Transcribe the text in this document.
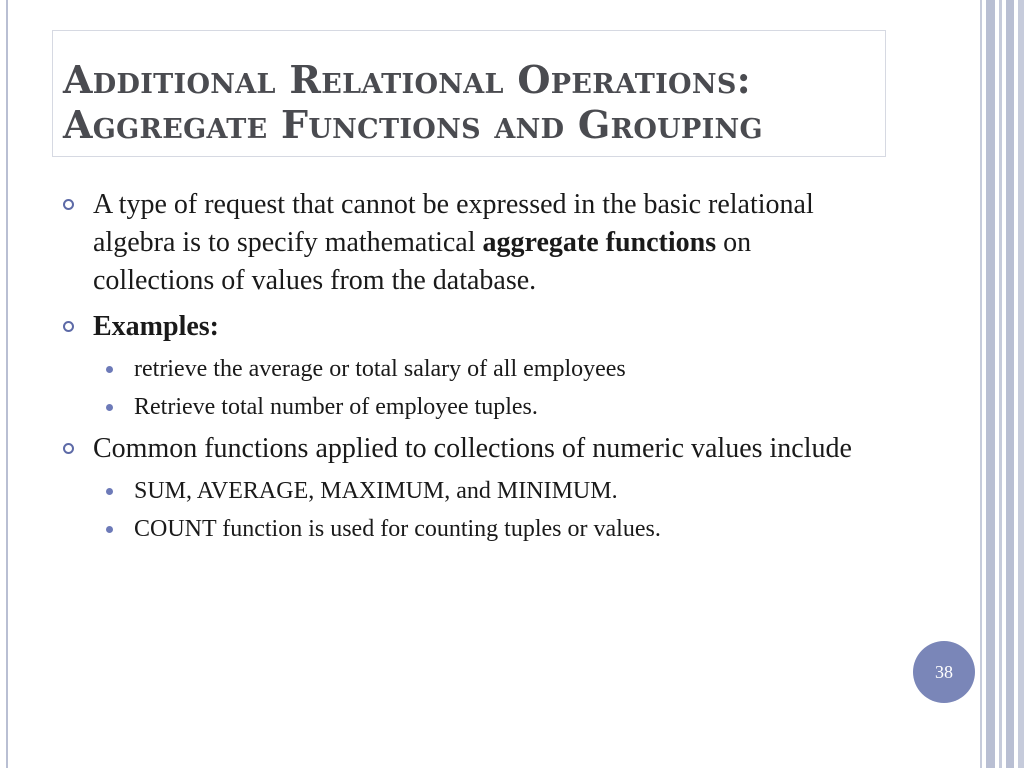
Additional Relational Operations:
Aggregate Functions and Grouping
A type of request that cannot be expressed in the basic relational algebra is to specify mathematical aggregate functions on collections of values from the database.
Examples:
retrieve the average or total salary of all employees
Retrieve total number of employee tuples.
Common functions applied to collections of numeric values include
SUM, AVERAGE, MAXIMUM, and MINIMUM.
COUNT function is used for counting tuples or values.
38
